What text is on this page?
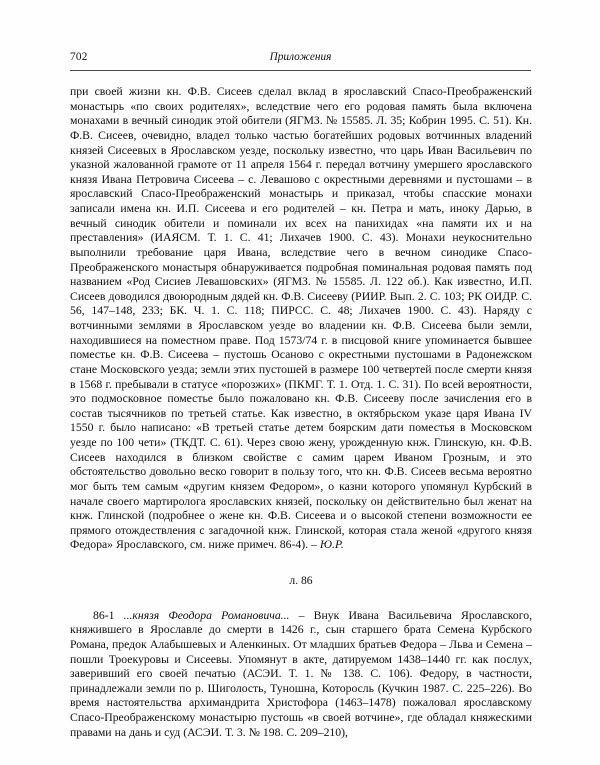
702	Приложения

при своей жизни кн. Ф.В. Сисеев сделал вклад в ярославский Спасо-Преображенский монастырь «по своих родителях», вследствие чего его родовая память была включена монахами в вечный синодик этой обители (ЯГМЗ. № 15585. Л. 35; Кобрин 1995. С. 51). Кн. Ф.В. Сисеев, очевидно, владел только частью богатейших родовых вотчинных владений князей Сисеевых в Ярославском уезде, поскольку известно, что царь Иван Васильевич по указной жалованной грамоте от 11 апреля 1564 г. передал вотчину умершего ярославского князя Ивана Петровича Сисеева – с. Левашово с окрестными деревнями и пустошами – в ярославский Спасо-Преображенский монастырь и приказал, чтобы спасские монахи записали имена кн. И.П. Сисеева и его родителей – кн. Петра и мать, иноку Дарью, в вечный синодик обители и поминали их всех на панихидах «на памяти их и на преставления» (ИАЯСМ. Т. 1. С. 41; Лихачев 1900. С. 43). Монахи неукоснительно выполнили требование царя Ивана, вследствие чего в вечном синодике Спасо-Преображенского монастыря обнаруживается подробная поминальная родовая память под названием «Род Сисиев Левашовских» (ЯГМЗ. № 15585. Л. 122 об.). Как известно, И.П. Сисеев доводился двоюродным дядей кн. Ф.В. Сисееву (РИИР. Вып. 2. С. 103; РК ОИДР. С. 56, 147–148, 233; БК. Ч. 1. С. 118; ПИРСС. С. 48; Лихачев 1900. С. 43). Наряду с вотчинными землями в Ярославском уезде во владении кн. Ф.В. Сисеева были земли, находившиеся на поместном праве. Под 1573/74 г. в писцовой книге упоминается бывшее поместье кн. Ф.В. Сисеева – пустошь Осаново с окрестными пустошами в Радонежском стане Московского уезда; земли этих пустошей в размере 100 четвертей после смерти князя в 1568 г. пребывали в статусе «порозжих» (ПКМГ. Т. 1. Отд. 1. С. 31). По всей вероятности, это подмосковное поместье было пожаловано кн. Ф.В. Сисееву после зачисления его в состав тысячников по третьей статье. Как известно, в октябрьском указе царя Ивана IV 1550 г. было написано: «В третьей статье детем боярским дати поместья в Московском уезде по 100 чети» (ТКДТ. С. 61). Через свою жену, урожденную кнж. Глинскую, кн. Ф.В. Сисеев находился в близком свойстве с самим царем Иваном Грозным, и это обстоятельство довольно веско говорит в пользу того, что кн. Ф.В. Сисеев весьма вероятно мог быть тем самым «другим князем Федором», о казни которого упомянул Курбский в начале своего мартиролога ярославских князей, поскольку он действительно был женат на кнж. Глинской (подробнее о жене кн. Ф.В. Сисеева и о высокой степени возможности ее прямого отождествления с загадочной кнж. Глинской, которая стала женой «другого князя Федора» Ярославского, см. ниже примеч. 86-4). – Ю.Р.

л. 86

86-1 ...князя Феодора Романовича... – Внук Ивана Васильевича Ярославского, княжившего в Ярославле до смерти в 1426 г., сын старшего брата Семена Курбского Романа, предок Алабышевых и Аленкиных. От младших братьев Федора – Льва и Семена – пошли Троекуровы и Сисеевы. Упомянут в акте, датируемом 1438–1440 гг. как послух, заверивший его своей печатью (АСЭИ. Т. 1. № 138. С. 106). Федору, в частности, принадлежали земли по р. Шиголость, Туношна, Которосль (Кучкин 1987. С. 225–226). Во время настоятельства архимандрита Христофора (1463–1478) пожаловал ярославскому Спасо-Преображенскому монастырю пустошь «в своей вотчине», где обладал княжескими правами на дань и суд (АСЭИ. Т. 3. № 198. С. 209–210),
